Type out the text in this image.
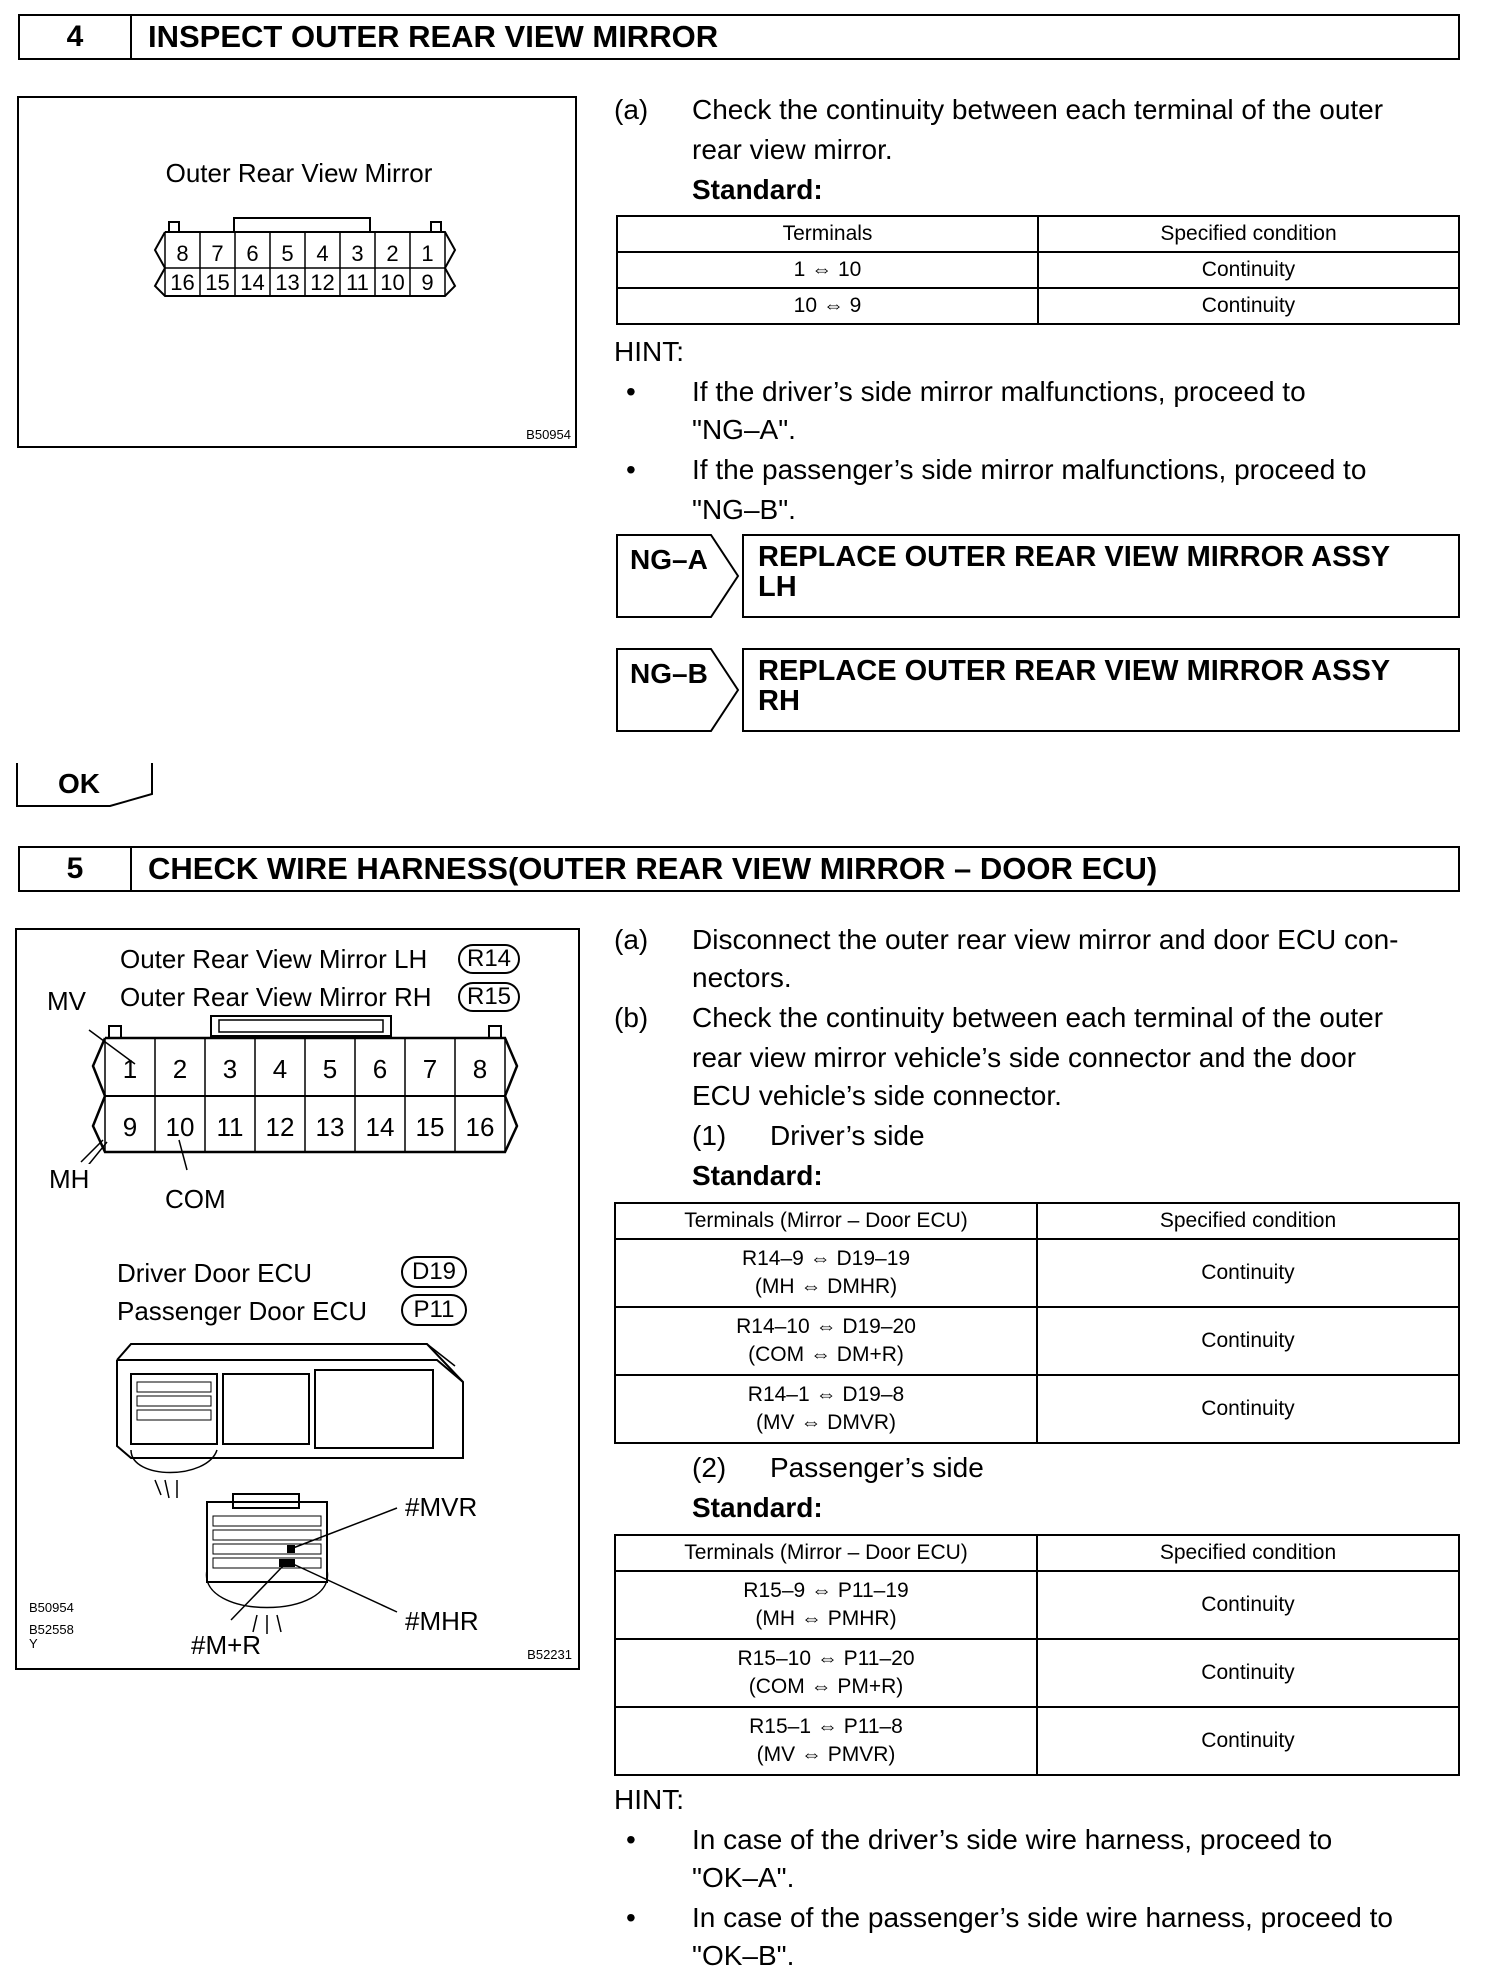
4	INSPECT OUTER REAR VIEW MIRROR
Outer Rear View Mirror
8 7 6 5 4 3 2 1
16 15 14 13 12 11 10 9
B50954
(a) Check the continuity between each terminal of the outer
rear view mirror.
Standard:
Terminals	Specified condition
1 ⇔ 10	Continuity
10 ⇔ 9	Continuity
HINT:
• If the driver’s side mirror malfunctions, proceed to
"NG–A".
• If the passenger’s side mirror malfunctions, proceed to
"NG–B".
NG–A REPLACE OUTER REAR VIEW MIRROR ASSY
LH
NG–B REPLACE OUTER REAR VIEW MIRROR ASSY
RH
OK
5	CHECK WIRE HARNESS(OUTER REAR VIEW MIRROR – DOOR ECU)
Outer Rear View Mirror LH	R14
Outer Rear View Mirror RH	R15
MV
1 2 3 4 5 6 7 8
9 10 11 12 13 14 15 16
MH
COM
Driver Door ECU	D19
Passenger Door ECU	P11
#MVR
#MHR
#M+R
B50954
B52558
Y
B52231
(a) Disconnect the outer rear view mirror and door ECU con-
nectors.
(b) Check the continuity between each terminal of the outer
rear view mirror vehicle’s side connector and the door
ECU vehicle’s side connector.
(1) Driver’s side
Standard:
Terminals (Mirror – Door ECU)	Specified condition

R14–9 ⇔ D19–19
(MH ⇔ DMHR)	Continuity

R14–10 ⇔ D19–20
(COM ⇔ DM+R)	Continuity

R14–1 ⇔ D19–8
(MV ⇔ DMVR)	Continuity
(2) Passenger’s side
Standard:
Terminals (Mirror – Door ECU)	Specified condition

R15–9 ⇔ P11–19
(MH ⇔ PMHR)	Continuity

R15–10 ⇔ P11–20
(COM ⇔ PM+R)	Continuity

R15–1 ⇔ P11–8
(MV ⇔ PMVR)	Continuity
HINT:
• In case of the driver’s side wire harness, proceed to
"OK–A".
• In case of the passenger’s side wire harness, proceed to
"OK–B".
